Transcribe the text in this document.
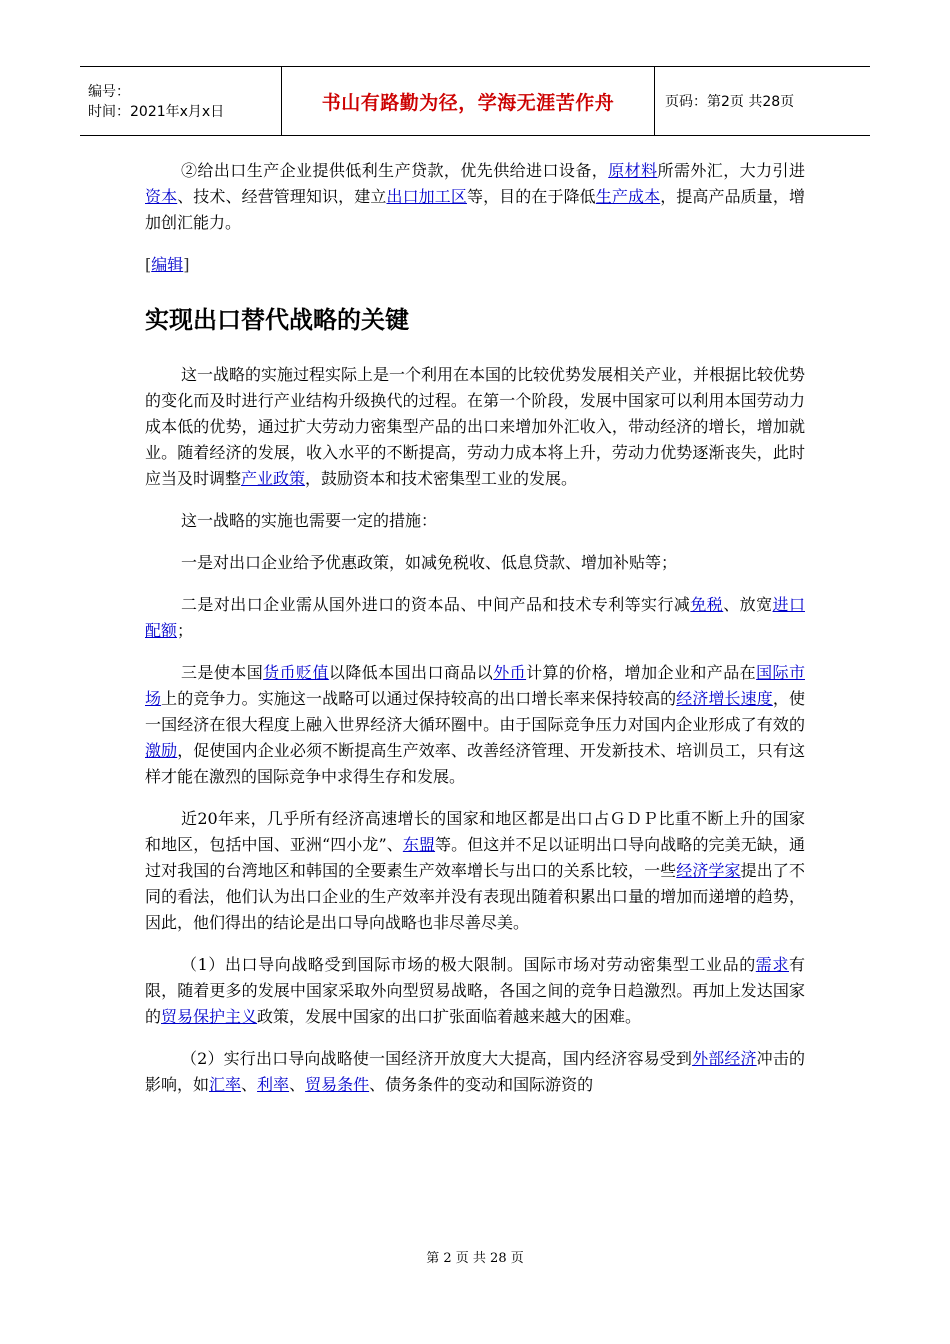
编号：
时间：2021年x月x日	书山有路勤为径，学海无涯苦作舟	页码：第2页 共28页

②给出口生产企业提供低利生产贷款，优先供给进口设备，原材料所需外汇，大力引进资本、技术、经营管理知识，建立出口加工区等，目的在于降低生产成本，提高产品质量，增加创汇能力。

[编辑]
实现出口替代战略的关键

这一战略的实施过程实际上是一个利用在本国的比较优势发展相关产业，并根据比较优势的变化而及时进行产业结构升级换代的过程。在第一个阶段，发展中国家可以利用本国劳动力成本低的优势，通过扩大劳动力密集型产品的出口来增加外汇收入，带动经济的增长，增加就业。随着经济的发展，收入水平的不断提高，劳动力成本将上升，劳动力优势逐渐丧失，此时应当及时调整产业政策，鼓励资本和技术密集型工业的发展。

这一战略的实施也需要一定的措施：

一是对出口企业给予优惠政策，如减免税收、低息贷款、增加补贴等；

二是对出口企业需从国外进口的资本品、中间产品和技术专利等实行减免税、放宽进口配额；

三是使本国货币贬值以降低本国出口商品以外币计算的价格，增加企业和产品在国际市场上的竞争力。实施这一战略可以通过保持较高的出口增长率来保持较高的经济增长速度，使一国经济在很大程度上融入世界经济大循环圈中。由于国际竞争压力对国内企业形成了有效的激励，促使国内企业必须不断提高生产效率、改善经济管理、开发新技术、培训员工，只有这样才能在激烈的国际竞争中求得生存和发展。

近20年来，几乎所有经济高速增长的国家和地区都是出口占ＧＤＰ比重不断上升的国家和地区，包括中国、亚洲“四小龙”、东盟等。但这并不足以证明出口导向战略的完美无缺，通过对我国的台湾地区和韩国的全要素生产效率增长与出口的关系比较，一些经济学家提出了不同的看法，他们认为出口企业的生产效率并没有表现出随着积累出口量的增加而递增的趋势，因此，他们得出的结论是出口导向战略也非尽善尽美。

（1）出口导向战略受到国际市场的极大限制。国际市场对劳动密集型工业品的需求有限，随着更多的发展中国家采取外向型贸易战略，各国之间的竞争日趋激烈。再加上发达国家的贸易保护主义政策，发展中国家的出口扩张面临着越来越大的困难。

（2）实行出口导向战略使一国经济开放度大大提高，国内经济容易受到外部经济冲击的影响，如汇率、利率、贸易条件、债务条件的变动和国际游资的

第 2 页 共 28 页
